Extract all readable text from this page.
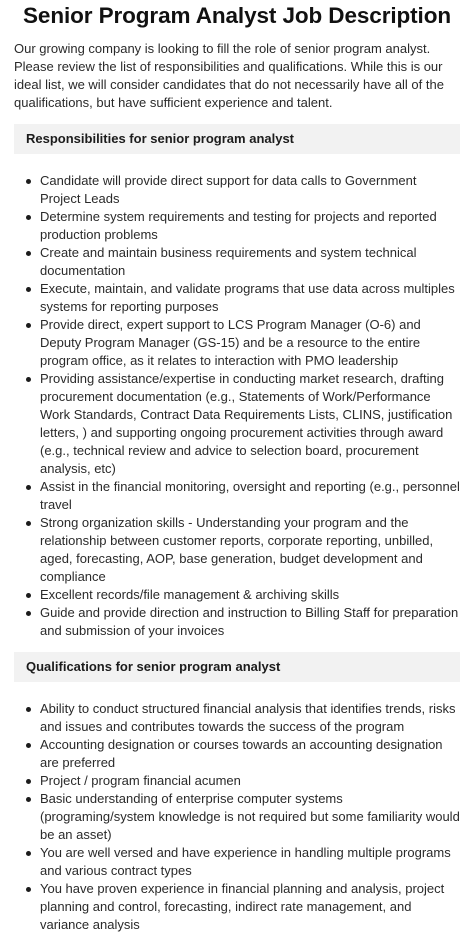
Senior Program Analyst Job Description

Our growing company is looking to fill the role of senior program analyst. Please review the list of responsibilities and qualifications. While this is our ideal list, we will consider candidates that do not necessarily have all of the qualifications, but have sufficient experience and talent.

Responsibilities for senior program analyst
Candidate will provide direct support for data calls to Government Project Leads
Determine system requirements and testing for projects and reported production problems
Create and maintain business requirements and system technical documentation
Execute, maintain, and validate programs that use data across multiples systems for reporting purposes
Provide direct, expert support to LCS Program Manager (O-6) and Deputy Program Manager (GS-15) and be a resource to the entire program office, as it relates to interaction with PMO leadership
Providing assistance/expertise in conducting market research, drafting procurement documentation (e.g., Statements of Work/Performance Work Standards, Contract Data Requirements Lists, CLINS, justification letters, ) and supporting ongoing procurement activities through award (e.g., technical review and advice to selection board, procurement analysis, etc)
Assist in the financial monitoring, oversight and reporting (e.g., personnel travel
Strong organization skills - Understanding your program and the relationship between customer reports, corporate reporting, unbilled, aged, forecasting, AOP, base generation, budget development and compliance
Excellent records/file management & archiving skills
Guide and provide direction and instruction to Billing Staff for preparation and submission of your invoices
Qualifications for senior program analyst
Ability to conduct structured financial analysis that identifies trends, risks and issues and contributes towards the success of the program
Accounting designation or courses towards an accounting designation are preferred
Project / program financial acumen
Basic understanding of enterprise computer systems (programing/system knowledge is not required but some familiarity would be an asset)
You are well versed and have experience in handling multiple programs and various contract types
You have proven experience in financial planning and analysis, project planning and control, forecasting, indirect rate management, and variance analysis
